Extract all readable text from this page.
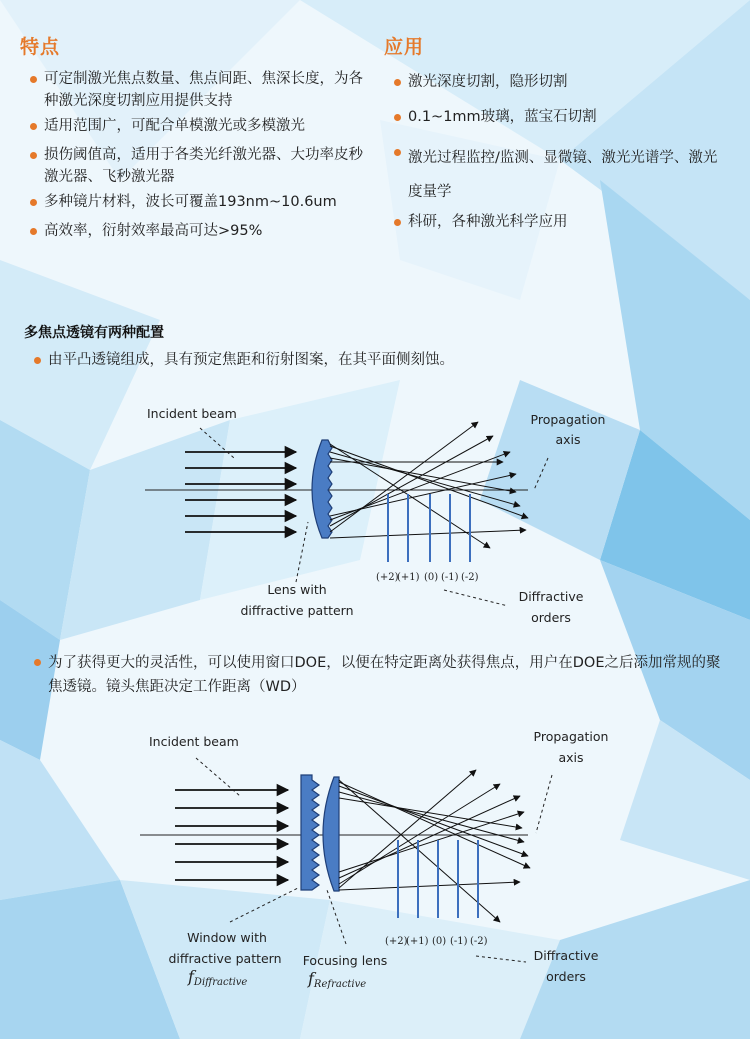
特点
可定制激光焦点数量、焦点间距、焦深长度，为各种激光深度切割应用提供支持
适用范围广，可配合单模激光或多模激光
损伤阈值高，适用于各类光纤激光器、大功率皮秒激光器、飞秒激光器
多种镜片材料，波长可覆盖193nm~10.6um
高效率，衍射效率最高可达>95%
应用
激光深度切割，隐形切割
0.1~1mm玻璃，蓝宝石切割
激光过程监控/监测、显微镜、激光光谱学、激光度量学
科研，各种激光科学应用
多焦点透镜有两种配置
由平凸透镜组成，具有预定焦距和衍射图案，在其平面侧刻蚀。
Incident beam	Propagation
axis
Lens with
diffractive pattern
Diffractive
orders
(+2)
(+1) (0) (-1) (-2)
为了获得更大的灵活性，可以使用窗口DOE，以便在特定距离处获得焦点，用户在DOE之后添加常规的聚焦透镜。镜头焦距决定工作距离（WD）
Incident beam	Propagation
axis
Window with
diffractive pattern
fDiffractive
Focusing lens
fRefractive
Diffractive
orders
(+2)
(+1) (0) (-1) (-2)
